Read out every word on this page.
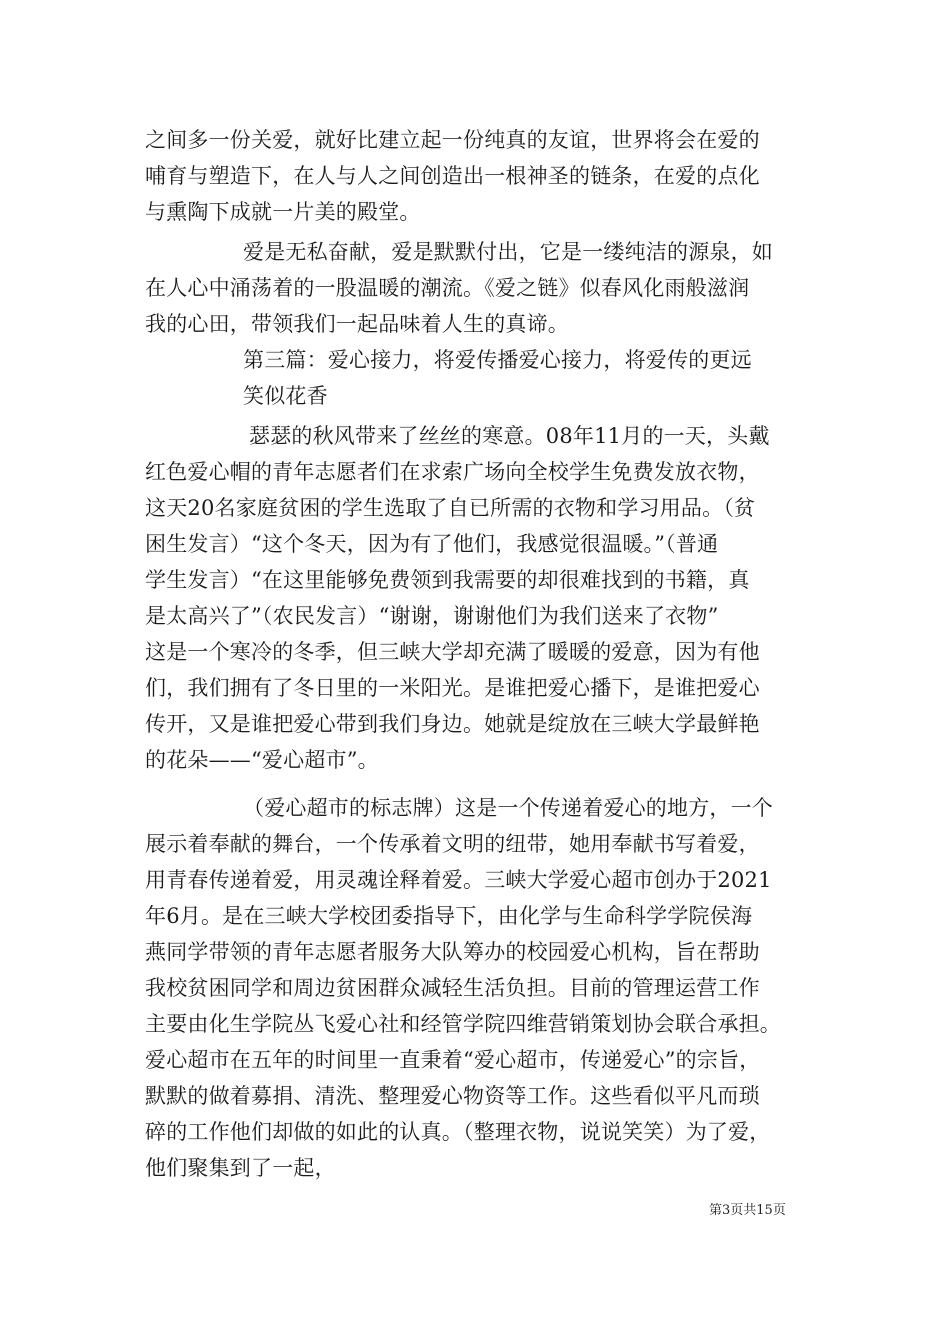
之间多一份关爱，就好比建立起一份纯真的友谊，世界将会在爱的
哺育与塑造下，在人与人之间创造出一根神圣的链条，在爱的点化
与熏陶下成就一片美的殿堂。
爱是无私奋献，爱是默默付出，它是一缕纯洁的源泉，如
在人心中涌荡着的一股温暖的潮流。《爱之链》似春风化雨般滋润
我的心田，带领我们一起品味着人生的真谛。
第三篇：爱心接力，将爱传播爱心接力，将爱传的更远
笑似花香
瑟瑟的秋风带来了丝丝的寒意。08年11月的一天，头戴
红色爱心帽的青年志愿者们在求索广场向全校学生免费发放衣物，
这天20名家庭贫困的学生选取了自已所需的衣物和学习用品。（贫
困生发言）“这个冬天，因为有了他们，我感觉很温暖。”（普通
学生发言）“在这里能够免费领到我需要的却很难找到的书籍，真
是太高兴了”（农民发言）“谢谢，谢谢他们为我们送来了衣物”
这是一个寒冷的冬季，但三峡大学却充满了暖暖的爱意，因为有他
们，我们拥有了冬日里的一米阳光。是谁把爱心播下，是谁把爱心
传开，又是谁把爱心带到我们身边。她就是绽放在三峡大学最鲜艳
的花朵——“爱心超市”。
（爱心超市的标志牌）这是一个传递着爱心的地方，一个
展示着奉献的舞台，一个传承着文明的纽带，她用奉献书写着爱，
用青春传递着爱，用灵魂诠释着爱。三峡大学爱心超市创办于2021
年6月。是在三峡大学校团委指导下，由化学与生命科学学院侯海
燕同学带领的青年志愿者服务大队筹办的校园爱心机构，旨在帮助
我校贫困同学和周边贫困群众减轻生活负担。目前的管理运营工作
主要由化生学院丛飞爱心社和经管学院四维营销策划协会联合承担。
爱心超市在五年的时间里一直秉着“爱心超市，传递爱心”的宗旨，
默默的做着募捐、清洗、整理爱心物资等工作。这些看似平凡而琐
碎的工作他们却做的如此的认真。（整理衣物，说说笑笑）为了爱，
他们聚集到了一起，
第3页共15页
